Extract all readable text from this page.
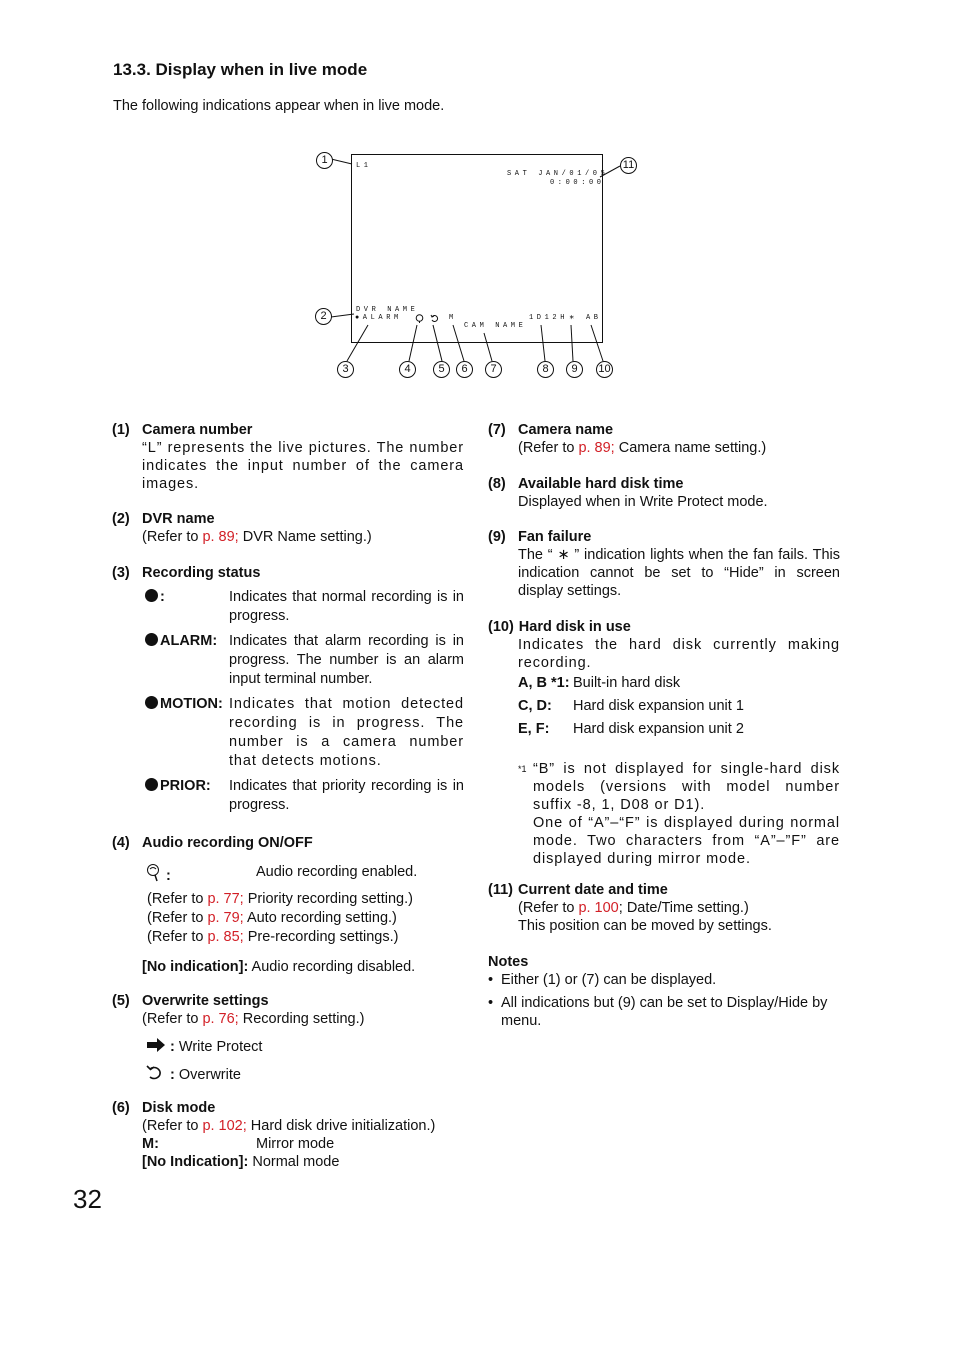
13.3. Display when in live mode
The following indications appear when in live mode.
L1
SAT JAN/01/05
0:00:00
DVR NAME
●ALARM	M
CAM NAME
1D12H ∗ AB
1	11
2
3	4	5	6	7	8	9	10
(1) Camera number
“L” represents the live pictures. The number indicates the input number of the camera images.
(2) DVR name
(Refer to p. 89; DVR Name setting.)
(3) Recording status
:	Indicates that normal recording is in progress.
ALARM: Indicates that alarm recording is in progress. The number is an alarm input terminal number.
MOTION: Indicates that motion detected recording is in progress. The number is a camera number that detects motions.
PRIOR:	Indicates that priority recording is in progress.
(4) Audio recording ON/OFF
:	Audio recording enabled.
(Refer to p. 77; Priority recording setting.)
(Refer to p. 79; Auto recording setting.)
(Refer to p. 85; Pre-recording settings.)
[No indication]: Audio recording disabled.
(5) Overwrite settings
(Refer to p. 76; Recording setting.)
: Write Protect
: Overwrite
(6) Disk mode
(Refer to p. 102; Hard disk drive initialization.)
M:	Mirror mode
[No Indication]: Normal mode
(7) Camera name
(Refer to p. 89; Camera name setting.)
(8) Available hard disk time
Displayed when in Write Protect mode.
(9) Fan failure
The “ ∗ ” indication lights when the fan fails. This indication cannot be set to “Hide” in screen display settings.
(10) Hard disk in use
Indicates the hard disk currently making recording.
A, B *1: Built-in hard disk
C, D:	Hard disk expansion unit 1
E, F:	Hard disk expansion unit 2
*1 “B” is not displayed for single-hard disk models (versions with model number suffix -8, 1, D08 or D1).
One of “A”–“F” is displayed during normal mode. Two characters from “A”–”F” are displayed during mirror mode.
(11) Current date and time
(Refer to p. 100; Date/Time setting.)
This position can be moved by settings.
Notes
• Either (1) or (7) can be displayed.
• All indications but (9) can be set to Display/Hide by menu.
32
